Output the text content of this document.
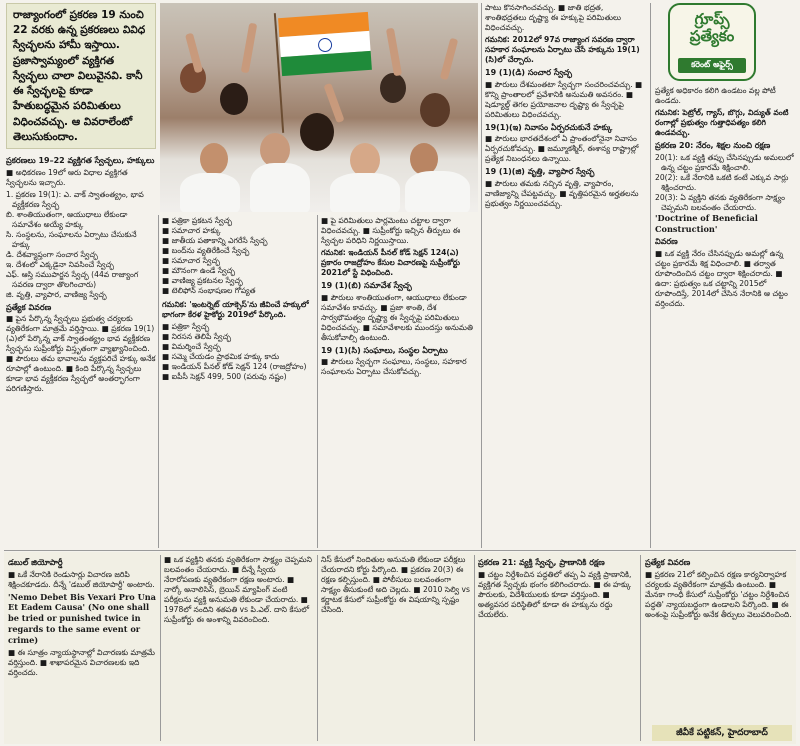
రాజ్యాంగంలో ప్రకరణ 19 నుంచి 22 వరకు ఉన్న ప్రకరణలు వివిధ స్వేచ్ఛలను హామీ ఇస్తాయి. ప్రజాస్వామ్యంలో వ్యక్తిగత స్వేచ్ఛలు చాలా విలువైనవి. కానీ ఈ స్వేచ్ఛలపై కూడా హేతుబద్ధమైన పరిమితులు విధించవచ్చు. ఆ వివరాలేంటో తెలుసుకుందాం.
గ్రూప్స్ ప్రత్యేకం
కరెంట్ అఫైర్స్
ప్రకరణలు 19–22 వ్యక్తిగత స్వేచ్ఛలు, హక్కులు

■ అధికరణం 19లో ఆరు విధాల వ్యక్తిగత స్వేచ్ఛలను ఇచ్చారు.

1. ప్రకరణ 19(1): ఎ. వాక్ స్వాతంత్య్రం, భావ వ్యక్తీకరణ స్వేచ్ఛ
బి. శాంతియుతంగా, ఆయుధాలు లేకుండా సమావేశం అయ్యే హక్కు
సి. సంస్థలను, సంఘాలను ఏర్పాటు చేసుకునే హక్కు
డి. దేశవ్యాప్తంగా సంచార స్వేచ్ఛ
ఇ. దేశంలో ఎక్కడైనా నివసించే స్వేచ్ఛ
ఎఫ్. ఆస్తి సముపార్జన స్వేచ్ఛ (44వ రాజ్యాంగ సవరణ ద్వారా తొలగించారు)
జి. వృత్తి, వ్యాపార, వాణిజ్య స్వేచ్ఛ
ప్రత్యేక వివరణ

■ పైన పేర్కొన్న స్వేచ్ఛలు ప్రభుత్వ చర్యలకు వ్యతిరేకంగా మాత్రమే వర్తిస్తాయి. ■ ప్రకరణ 19(1)(ఎ)లో పేర్కొన్న వాక్ స్వాతంత్య్రం భావ వ్యక్తీకరణ స్వేచ్ఛను సుప్రీంకోర్టు విస్తృతంగా వ్యాఖ్యానించింది. ■ పౌరులు తమ భావాలను వ్యక్తపరిచే హక్కు అనేక రూపాల్లో ఉంటుంది. ■ కింది పేర్కొన్న స్వేచ్ఛలు కూడా భావ వ్యక్తీకరణ స్వేచ్ఛలో అంతర్భాగంగా పరిగణిస్తారు.

■ పత్రికా ప్రకటన స్వేచ్ఛ
■ సమాచార హక్కు
■ జాతీయ పతాకాన్ని ఎగరేసే స్వేచ్ఛ
■ బంద్‌ను వ్యతిరేకించే స్వేచ్ఛ
■ సమాచార స్వేచ్ఛ
■ మౌనంగా ఉండే స్వేచ్ఛ
■ వాణిజ్య ప్రకటనల స్వేచ్ఛ
■ టెలిఫోన్ సంభాషణల గోప్యత

గమనిక: 'ఇంటర్నెట్ యాక్సెస్'ను జీవించే హక్కులో భాగంగా కేరళ హైకోర్టు 2019లో పేర్కొంది.

■ పత్రికా స్వేచ్ఛ
■ నిరసన తెలిపే స్వేచ్ఛ
■ విమర్శించే స్వేచ్ఛ
■ సమ్మె చేయడం ప్రాథమిక హక్కు కాదు
■ ఇండియన్ పీనల్ కోడ్ సెక్షన్ 124 (రాజద్రోహం)
■ ఐపీసీ సెక్షన్ 499, 500 (పరువు నష్టం)

■ పై పరిమితులు పార్లమెంటు చట్టాల ద్వారా విధించవచ్చు. ■ సుప్రీంకోర్టు ఇచ్చిన తీర్పులు ఈ స్వేచ్ఛల పరిధిని నిర్ణయిస్తాయి.

గమనిక: ఇండియన్ పీనల్ కోడ్ సెక్షన్ 124(ఎ) ప్రకారం రాజద్రోహం కేసుల విచారణపై సుప్రీంకోర్టు 2021లో స్టే విధించింది.

19 (1)(బి) సమావేశ స్వేచ్ఛ

■ పౌరులు శాంతియుతంగా, ఆయుధాలు లేకుండా సమావేశం కావచ్చు. ■ ప్రజా శాంతి, దేశ సార్వభౌమత్వం దృష్ట్యా ఈ స్వేచ్ఛపై పరిమితులు విధించవచ్చు. ■ సమావేశాలకు ముందస్తు అనుమతి తీసుకోవాల్సి ఉంటుంది.

19 (1)(సి) సంఘాలు, సంస్థల ఏర్పాటు

■ పౌరులు స్వేచ్ఛగా సంఘాలు, సంస్థలు, సహకార సంఘాలను ఏర్పాటు చేసుకోవచ్చు.

పాటు కొనసాగించవచ్చు. ■ జాతి భద్రత, శాంతిభద్రతలు దృష్ట్యా ఈ హక్కుపై పరిమితులు విధించవచ్చు.

గమనిక: 2012లో 97వ రాజ్యాంగ సవరణ ద్వారా సహకార సంఘాలను ఏర్పాటు చేసే హక్కును 19(1)(సి)లో చేర్చారు.

19 (1)(డి) సంచార స్వేచ్ఛ

■ పౌరులు దేశమంతటా స్వేచ్ఛగా సంచరించవచ్చు. ■ కొన్ని ప్రాంతాలలో ప్రవేశానికి అనుమతి అవసరం. ■ షెడ్యూల్డ్ తెగల ప్రయోజనాల దృష్ట్యా ఈ స్వేచ్ఛపై పరిమితులు విధించవచ్చు.

19(1)(ఇ) నివాసం ఏర్పరచుకునే హక్కు

■ పౌరులు భారతదేశంలో ఏ ప్రాంతంలోనైనా నివాసం ఏర్పరచుకోవచ్చు. ■ జమ్మూకశ్మీర్, ఈశాన్య రాష్ట్రాల్లో ప్రత్యేక నిబంధనలు ఉన్నాయి.

19 (1)(జి) వృత్తి, వ్యాపార స్వేచ్ఛ

■ పౌరులు తమకు నచ్చిన వృత్తి, వ్యాపారం, వాణిజ్యాన్ని చేపట్టవచ్చు. ■ వృత్తిపరమైన అర్హతలను ప్రభుత్వం నిర్ణయించవచ్చు.

ప్రత్యేక అధికారం కలిగి ఉండటం వల్ల పోటీ ఉండదు.

గమనిక: పెట్రోల్, గ్యాస్, బొగ్గు, విద్యుత్ వంటి రంగాల్లో ప్రభుత్వం గుత్తాధిపత్యం కలిగి ఉండవచ్చు.

ప్రకరణ 20: నేరం, శిక్షల నుంచి రక్షణ
20(1): ఒక వ్యక్తి తప్పు చేసినప్పుడు అమలులో ఉన్న చట్టం ప్రకారమే శిక్షించాలి.
20(2): ఒకే నేరానికి ఒకటి కంటే ఎక్కువ సార్లు శిక్షించరాదు.
20(3): ఏ వ్యక్తిని తనకు వ్యతిరేకంగా సాక్ష్యం చెప్పమని బలవంతం చేయరాదు.

'Doctrine of Beneficial Construction'

వివరణ

■ ఒక వ్యక్తి నేరం చేసినప్పుడు అమల్లో ఉన్న చట్టం ప్రకారమే శిక్ష విధించాలి. ■ తర్వాత రూపొందించిన చట్టం ద్వారా శిక్షించరాదు. ■ ఉదా: ప్రభుత్వం ఒక చట్టాన్ని 2015లో రూపొందిస్తే, 2014లో చేసిన నేరానికి ఆ చట్టం వర్తించదు.

డబుల్ జియోపార్డీ

■ ఒకే నేరానికి రెండుసార్లు విచారణ జరిపి శిక్షించకూడదు. దీన్నే 'డబుల్ జియోపార్డీ' అంటారు.

'Nemo Debet Bis Vexari Pro Una Et Eadem Causa' (No one shall be tried or punished twice in regards to the same event or crime)

■ ఈ సూత్రం న్యాయస్థానాల్లో విచారణకు మాత్రమే వర్తిస్తుంది. ■ శాఖాపరమైన విచారణలకు ఇది వర్తించదు.

■ ఒక వ్యక్తిని తనకు వ్యతిరేకంగా సాక్ష్యం చెప్పమని బలవంతం చేయరాదు. ■ దీన్నే స్వీయ నేరారోపణకు వ్యతిరేకంగా రక్షణ అంటారు. ■ నార్కో అనాలిసిస్, బ్రెయిన్ మ్యాపింగ్ వంటి పరీక్షలను వ్యక్తి అనుమతి లేకుండా చేయరాదు. ■ 1978లో నందిని శతపతి vs పి.ఎల్. దాని కేసులో సుప్రీంకోర్టు ఈ అంశాన్ని వివరించింది.

నిస్ కేసులో నిందితుల అనుమతి లేకుండా పరీక్షలు చేయరాదని కోర్టు పేర్కొంది. ■ ప్రకరణ 20(3) ఈ రక్షణ కల్పిస్తుంది. ■ పోలీసులు బలవంతంగా సాక్ష్యం తీసుకుంటే అది చెల్లదు. ■ 2010 సెల్వి vs కర్ణాటక కేసులో సుప్రీంకోర్టు ఈ విషయాన్ని స్పష్టం చేసింది.

ప్రకరణ 21: వ్యక్తి స్వేచ్ఛ, ప్రాణానికి రక్షణ

■ చట్టం నిర్దేశించిన పద్ధతిలో తప్ప ఏ వ్యక్తి ప్రాణానికి, వ్యక్తిగత స్వేచ్ఛకు భంగం కలిగించరాదు. ■ ఈ హక్కు పౌరులకు, విదేశీయులకు కూడా వర్తిస్తుంది. ■ అత్యవసర పరిస్థితిలో కూడా ఈ హక్కును రద్దు చేయలేరు.

ప్రత్యేక వివరణ

■ ప్రకరణ 21లో కల్పించిన రక్షణ కార్యనిర్వాహక చర్యలకు వ్యతిరేకంగా మాత్రమే ఉంటుంది. ■ మేనకా గాంధీ కేసులో సుప్రీంకోర్టు 'చట్టం నిర్దేశించిన పద్ధతి' న్యాయబద్ధంగా ఉండాలని పేర్కొంది. ■ ఈ అంశంపై సుప్రీంకోర్టు అనేక తీర్పులు వెలువరించింది.

జీవీకే పట్టికన్, హైదరాబాద్
